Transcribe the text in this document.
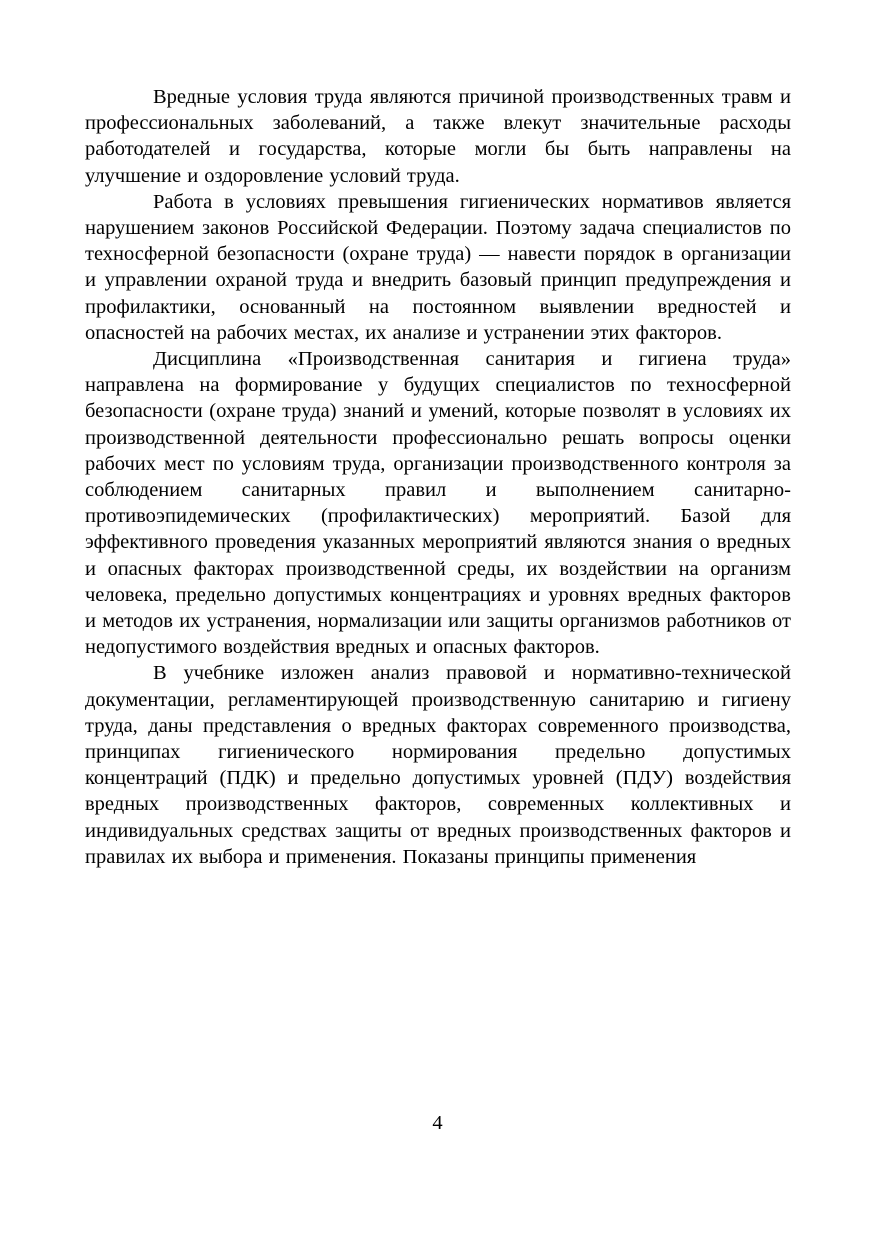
Вредные условия труда являются причиной производственных травм и профессиональных заболеваний, а также влекут значительные расходы работодателей и государства, которые могли бы быть направлены на улучшение и оздоровление условий труда.

Работа в условиях превышения гигиенических нормативов является нарушением законов Российской Федерации. Поэтому задача специалистов по техносферной безопасности (охране труда) — навести порядок в организации и управлении охраной труда и внедрить базовый принцип предупреждения и профилактики, основанный на постоянном выявлении вредностей и опасностей на рабочих местах, их анализе и устранении этих факторов.

Дисциплина «Производственная санитария и гигиена труда» направлена на формирование у будущих специалистов по техносферной безопасности (охране труда) знаний и умений, которые позволят в условиях их производственной деятельности профессионально решать вопросы оценки рабочих мест по условиям труда, организации производственного контроля за соблюдением санитарных правил и выполнением санитарно-противоэпидемических (профилактических) мероприятий. Базой для эффективного проведения указанных мероприятий являются знания о вредных и опасных факторах производственной среды, их воздействии на организм человека, предельно допустимых концентрациях и уровнях вредных факторов и методов их устранения, нормализации или защиты организмов работников от недопустимого воздействия вредных и опасных факторов.

В учебнике изложен анализ правовой и нормативно-технической документации, регламентирующей производственную санитарию и гигиену труда, даны представления о вредных факторах современного производства, принципах гигиенического нормирования предельно допустимых концентраций (ПДК) и предельно допустимых уровней (ПДУ) воздействия вредных производственных факторов, современных коллективных и индивидуальных средствах защиты от вредных производственных факторов и правилах их выбора и применения. Показаны принципы применения

4
